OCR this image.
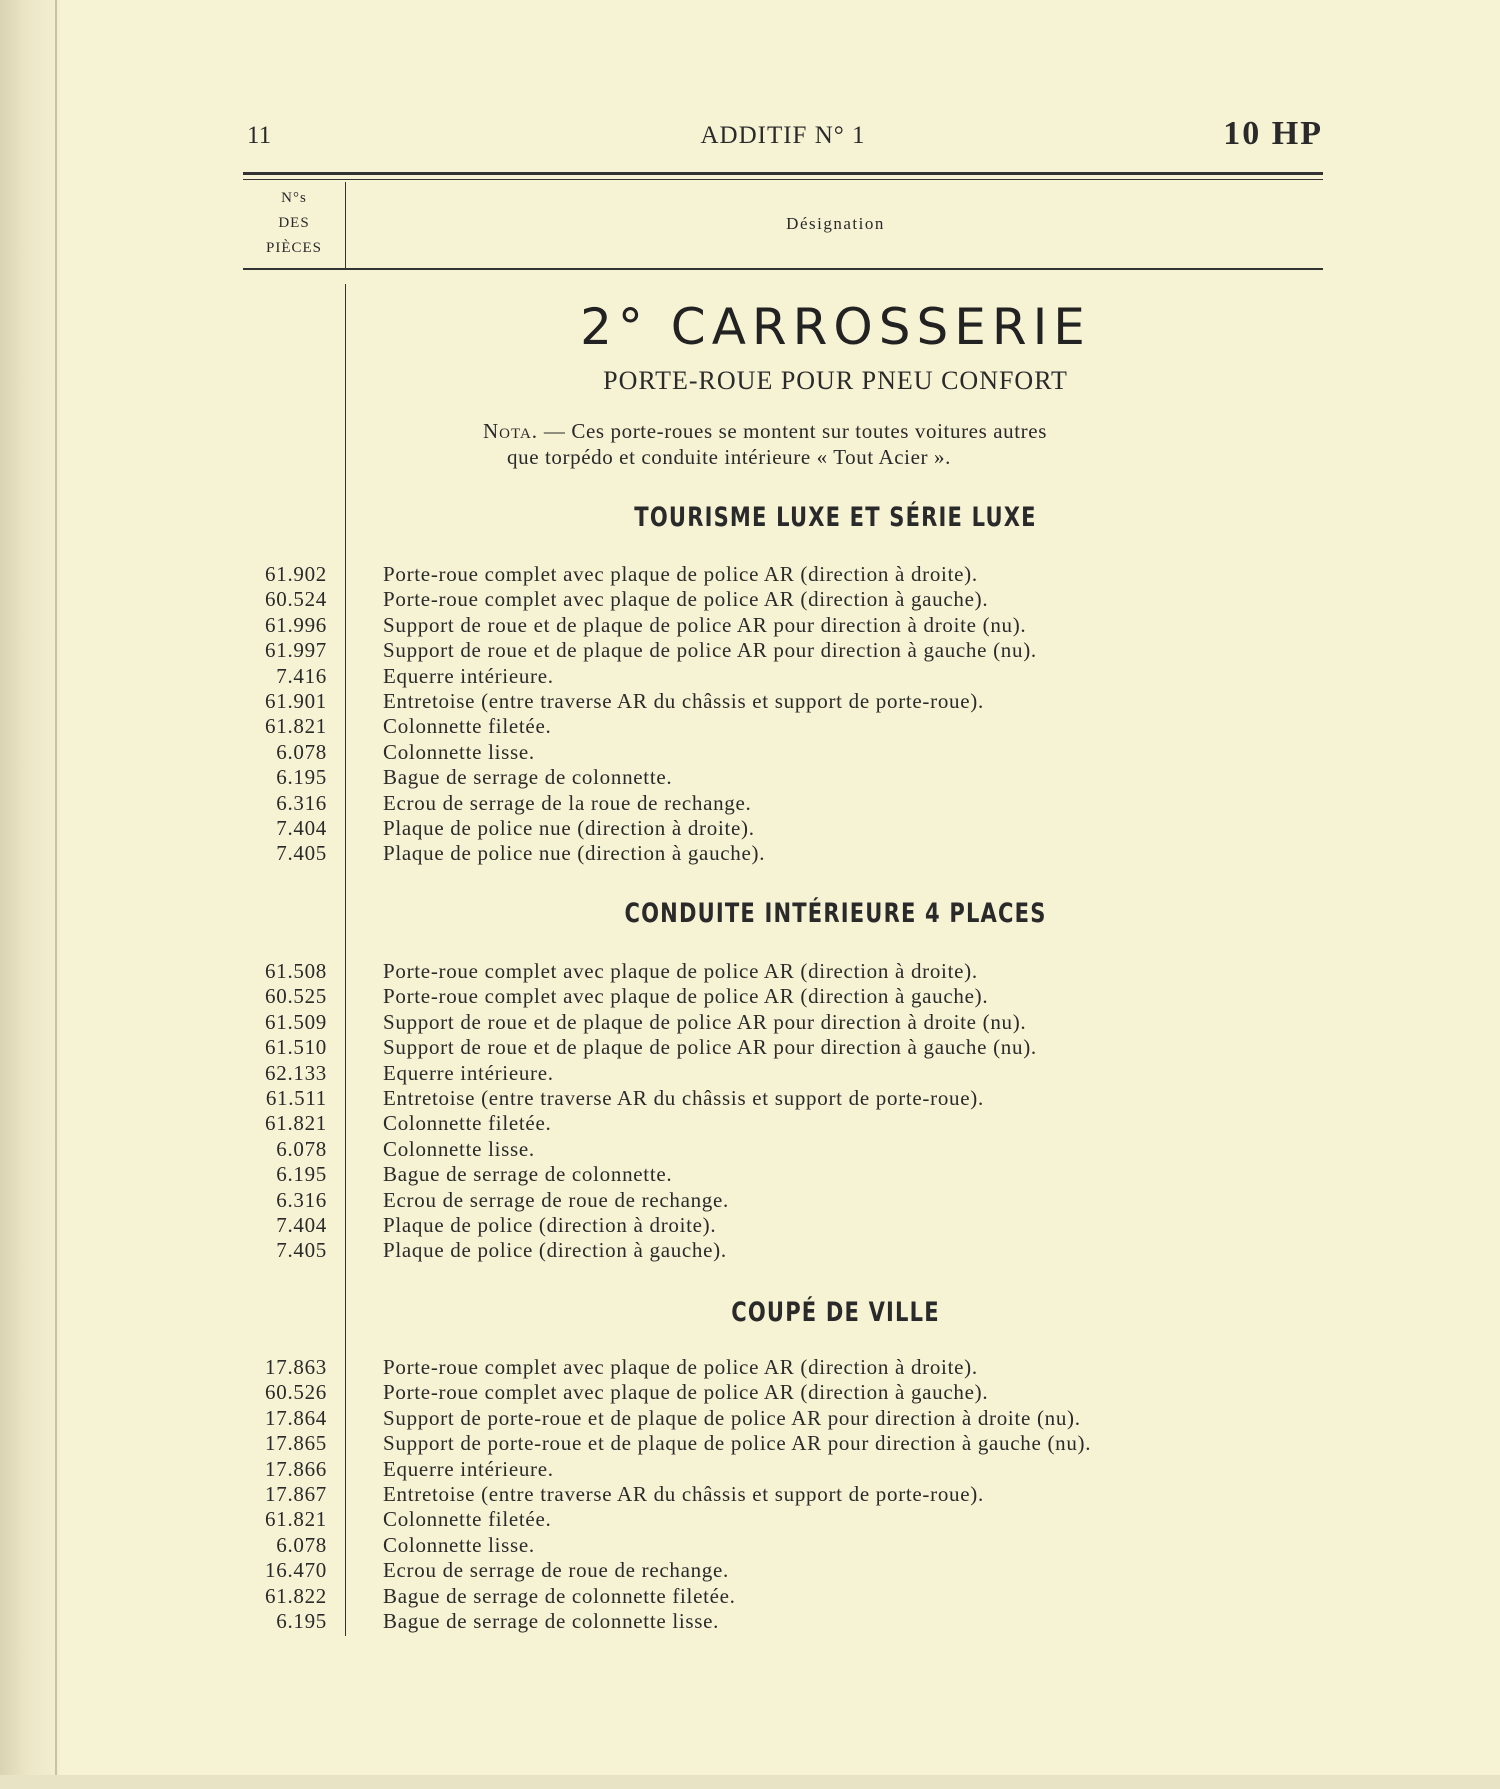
11	ADDITIF N° 1	10 HP
N°s
DES
PIÈCES
Désignation
2° CARROSSERIE
PORTE-ROUE POUR PNEU CONFORT
Nota. — Ces porte-roues se montent sur toutes voitures autres
que torpédo et conduite intérieure « Tout Acier ».
TOURISME LUXE ET SÉRIE LUXE
61.902	Porte-roue complet avec plaque de police AR (direction à droite).
60.524	Porte-roue complet avec plaque de police AR (direction à gauche).
61.996	Support de roue et de plaque de police AR pour direction à droite (nu).
61.997	Support de roue et de plaque de police AR pour direction à gauche (nu).
7.416	Equerre intérieure.
61.901	Entretoise (entre traverse AR du châssis et support de porte-roue).
61.821	Colonnette filetée.
6.078	Colonnette lisse.
6.195	Bague de serrage de colonnette.
6.316	Ecrou de serrage de la roue de rechange.
7.404	Plaque de police nue (direction à droite).
7.405	Plaque de police nue (direction à gauche).
CONDUITE INTÉRIEURE 4 PLACES
61.508	Porte-roue complet avec plaque de police AR (direction à droite).
60.525	Porte-roue complet avec plaque de police AR (direction à gauche).
61.509	Support de roue et de plaque de police AR pour direction à droite (nu).
61.510	Support de roue et de plaque de police AR pour direction à gauche (nu).
62.133	Equerre intérieure.
61.511	Entretoise (entre traverse AR du châssis et support de porte-roue).
61.821	Colonnette filetée.
6.078	Colonnette lisse.
6.195	Bague de serrage de colonnette.
6.316	Ecrou de serrage de roue de rechange.
7.404	Plaque de police (direction à droite).
7.405	Plaque de police (direction à gauche).
COUPÉ DE VILLE
17.863	Porte-roue complet avec plaque de police AR (direction à droite).
60.526	Porte-roue complet avec plaque de police AR (direction à gauche).
17.864	Support de porte-roue et de plaque de police AR pour direction à droite (nu).
17.865	Support de porte-roue et de plaque de police AR pour direction à gauche (nu).
17.866	Equerre intérieure.
17.867	Entretoise (entre traverse AR du châssis et support de porte-roue).
61.821	Colonnette filetée.
6.078	Colonnette lisse.
16.470	Ecrou de serrage de roue de rechange.
61.822	Bague de serrage de colonnette filetée.
6.195	Bague de serrage de colonnette lisse.
